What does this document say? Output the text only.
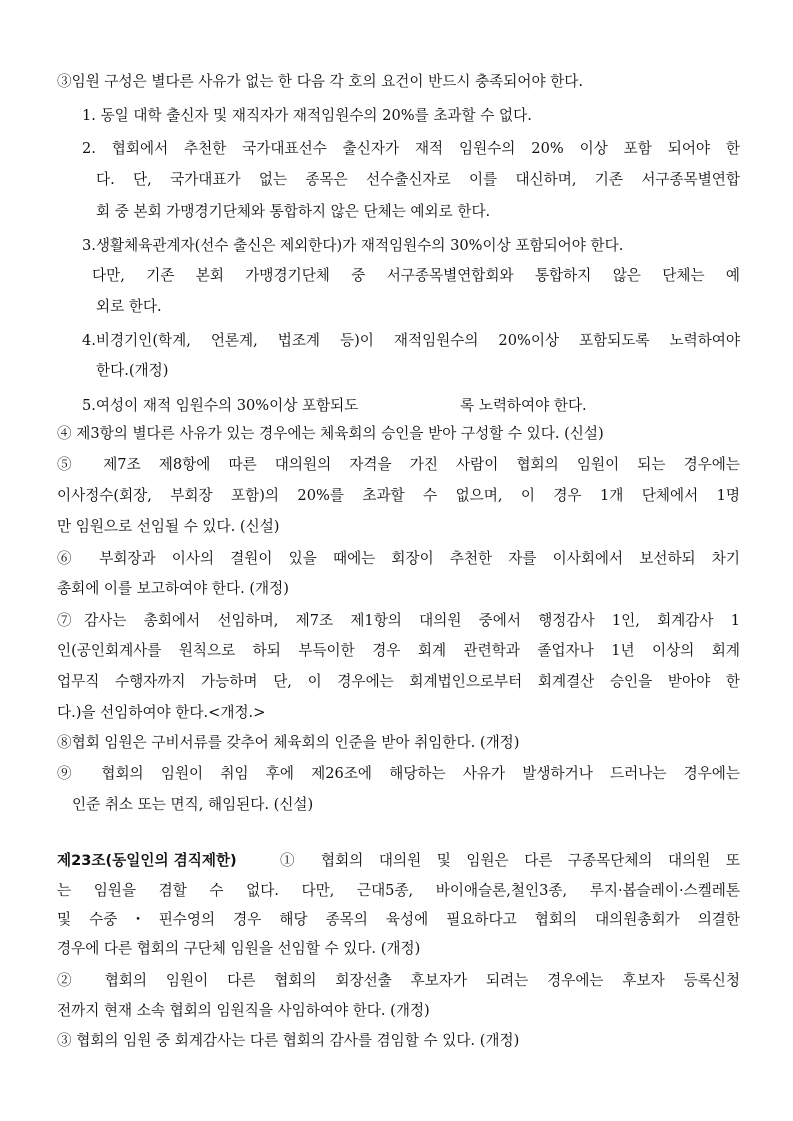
③임원 구성은 별다른 사유가 없는 한 다음 각 호의 요건이 반드시 충족되어야 한다.
1. 동일 대학 출신자 및 재직자가 재적임원수의 20%를 초과할 수 없다.
2. 협회에서 추천한 국가대표선수 출신자가 재적 임원수의 20% 이상 포함 되어야 한
다. 단, 국가대표가 없는 종목은 선수출신자로 이를 대신하며, 기존 서구종목별연합
회 중 본회 가맹경기단체와 통합하지 않은 단체는 예외로 한다.
3.생활체육관계자(선수 출신은 제외한다)가 재적임원수의 30%이상 포함되어야 한다.
다만, 기존 본회 가맹경기단체 중 서구종목별연합회와 통합하지 않은 단체는 예
외로 한다.
4.비경기인(학계, 언론계, 법조계 등)이 재적임원수의 20%이상 포함되도록 노력하여야
한다.(개정)
5.여성이 재적 임원수의 30%이상 포함되도	록 노력하여야 한다.
④ 제3항의 별다른 사유가 있는 경우에는 체육회의 승인을 받아 구성할 수 있다. (신설)
⑤ 제7조 제8항에 따른 대의원의 자격을 가진 사람이 협회의 임원이 되는 경우에는
이사정수(회장, 부회장 포함)의 20%를 초과할 수 없으며, 이 경우 1개 단체에서 1명
만 임원으로 선임될 수 있다. (신설)
⑥ 부회장과 이사의 결원이 있을 때에는 회장이 추천한 자를 이사회에서 보선하되 차기
총회에 이를 보고하여야 한다. (개정)
⑦감사는 총회에서 선임하며, 제7조 제1항의 대의원 중에서 행정감사 1인, 회계감사 1
인(공인회계사를 원칙으로 하되 부득이한 경우 회계 관련학과 졸업자나 1년 이상의 회계
업무직 수행자까지 가능하며 단, 이 경우에는 회계법인으로부터 회계결산 승인을 받아야 한
다.)을 선임하여야 한다.<개정.>
⑧협회 임원은 구비서류를 갖추어 체육회의 인준을 받아 취임한다. (개정)
⑨ 협회의 임원이 취임 후에 제26조에 해당하는 사유가 발생하거나 드러나는 경우에는
인준 취소 또는 면직, 해임된다. (신설)
제23조(동일인의 겸직제한)	① 협회의 대의원 및 임원은 다른 구종목단체의 대의원 또
는 임원을 겸할 수 없다. 다만, 근대5종, 바이애슬론,철인3종, 루지·봅슬레이·스켈레톤
및 수중・핀수영의 경우 해당 종목의 육성에 필요하다고 협회의 대의원총회가 의결한
경우에 다른 협회의 구단체 임원을 선임할 수 있다. (개정)
② 협회의 임원이 다른 협회의 회장선출 후보자가 되려는 경우에는 후보자 등록신청
전까지 현재 소속 협회의 임원직을 사임하여야 한다. (개정)
③ 협회의 임원 중 회계감사는 다른 협회의 감사를 겸임할 수 있다. (개정)
